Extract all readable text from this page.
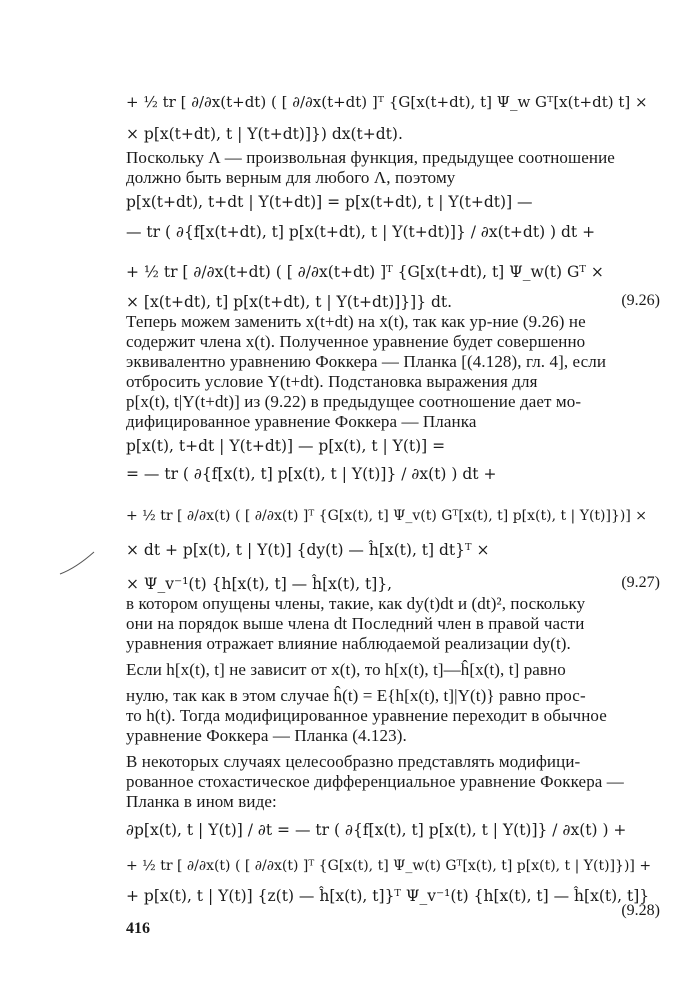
+ ½ tr [ ∂/∂x(t+dt) ( [ ∂/∂x(t+dt) ]ᵀ {G[x(t+dt), t] Ψ_w Gᵀ[x(t+dt) t] ×
× p[x(t+dt), t | Y(t+dt)]}) dx(t+dt).
Поскольку Λ — произвольная функция, предыдущее соотношение
должно быть верным для любого Λ, поэтому
p[x(t+dt), t+dt | Y(t+dt)] = p[x(t+dt), t | Y(t+dt)] —
— tr ( ∂{f[x(t+dt), t] p[x(t+dt), t | Y(t+dt)]} / ∂x(t+dt) ) dt +
+ ½ tr [ ∂/∂x(t+dt) ( [ ∂/∂x(t+dt) ]ᵀ {G[x(t+dt), t] Ψ_w(t) Gᵀ ×
× [x(t+dt), t] p[x(t+dt), t | Y(t+dt)]}]} dt.
Теперь можем заменить x(t+dt) на x(t), так как ур-ние (9.26) не
содержит члена x(t). Полученное уравнение будет совершенно
эквивалентно уравнению Фоккера — Планка [(4.128), гл. 4], если
отбросить условие Y(t+dt). Подстановка выражения для
p[x(t), t|Y(t+dt)] из (9.22) в предыдущее соотношение дает мо-
дифицированное уравнение Фоккера — Планка
p[x(t), t+dt | Y(t+dt)] — p[x(t), t | Y(t)] =
= — tr ( ∂{f[x(t), t] p[x(t), t | Y(t)]} / ∂x(t) ) dt +
+ ½ tr [ ∂/∂x(t) ( [ ∂/∂x(t) ]ᵀ {G[x(t), t] Ψ_v(t) Gᵀ[x(t), t] p[x(t), t | Y(t)]})] ×
× dt + p[x(t), t | Y(t)] {dy(t) — ĥ[x(t), t] dt}ᵀ ×
× Ψ_v⁻¹(t) {h[x(t), t] — ĥ[x(t), t]},
в котором опущены члены, такие, как dy(t)dt и (dt)², поскольку
они на порядок выше члена dt Последний член в правой части
уравнения отражает влияние наблюдаемой реализации dy(t).
Если h[x(t), t] не зависит от x(t), то h[x(t), t]—ĥ[x(t), t] равно
нулю, так как в этом случае ĥ(t) = E{h[x(t), t]|Y(t)} равно прос-
то h(t). Тогда модифицированное уравнение переходит в обычное
уравнение Фоккера — Планка (4.123).
В некоторых случаях целесообразно представлять модифици-
рованное стохастическое дифференциальное уравнение Фоккера —
Планка в ином виде:
∂p[x(t), t | Y(t)] / ∂t = — tr ( ∂{f[x(t), t] p[x(t), t | Y(t)]} / ∂x(t) ) +
+ ½ tr [ ∂/∂x(t) ( [ ∂/∂x(t) ]ᵀ {G[x(t), t] Ψ_w(t) Gᵀ[x(t), t] p[x(t), t | Y(t)]})] +
+ p[x(t), t | Y(t)] {z(t) — ĥ[x(t), t]}ᵀ Ψ_v⁻¹(t) {h[x(t), t] — ĥ[x(t), t]}
(9.26)
(9.27)
(9.28)
416
